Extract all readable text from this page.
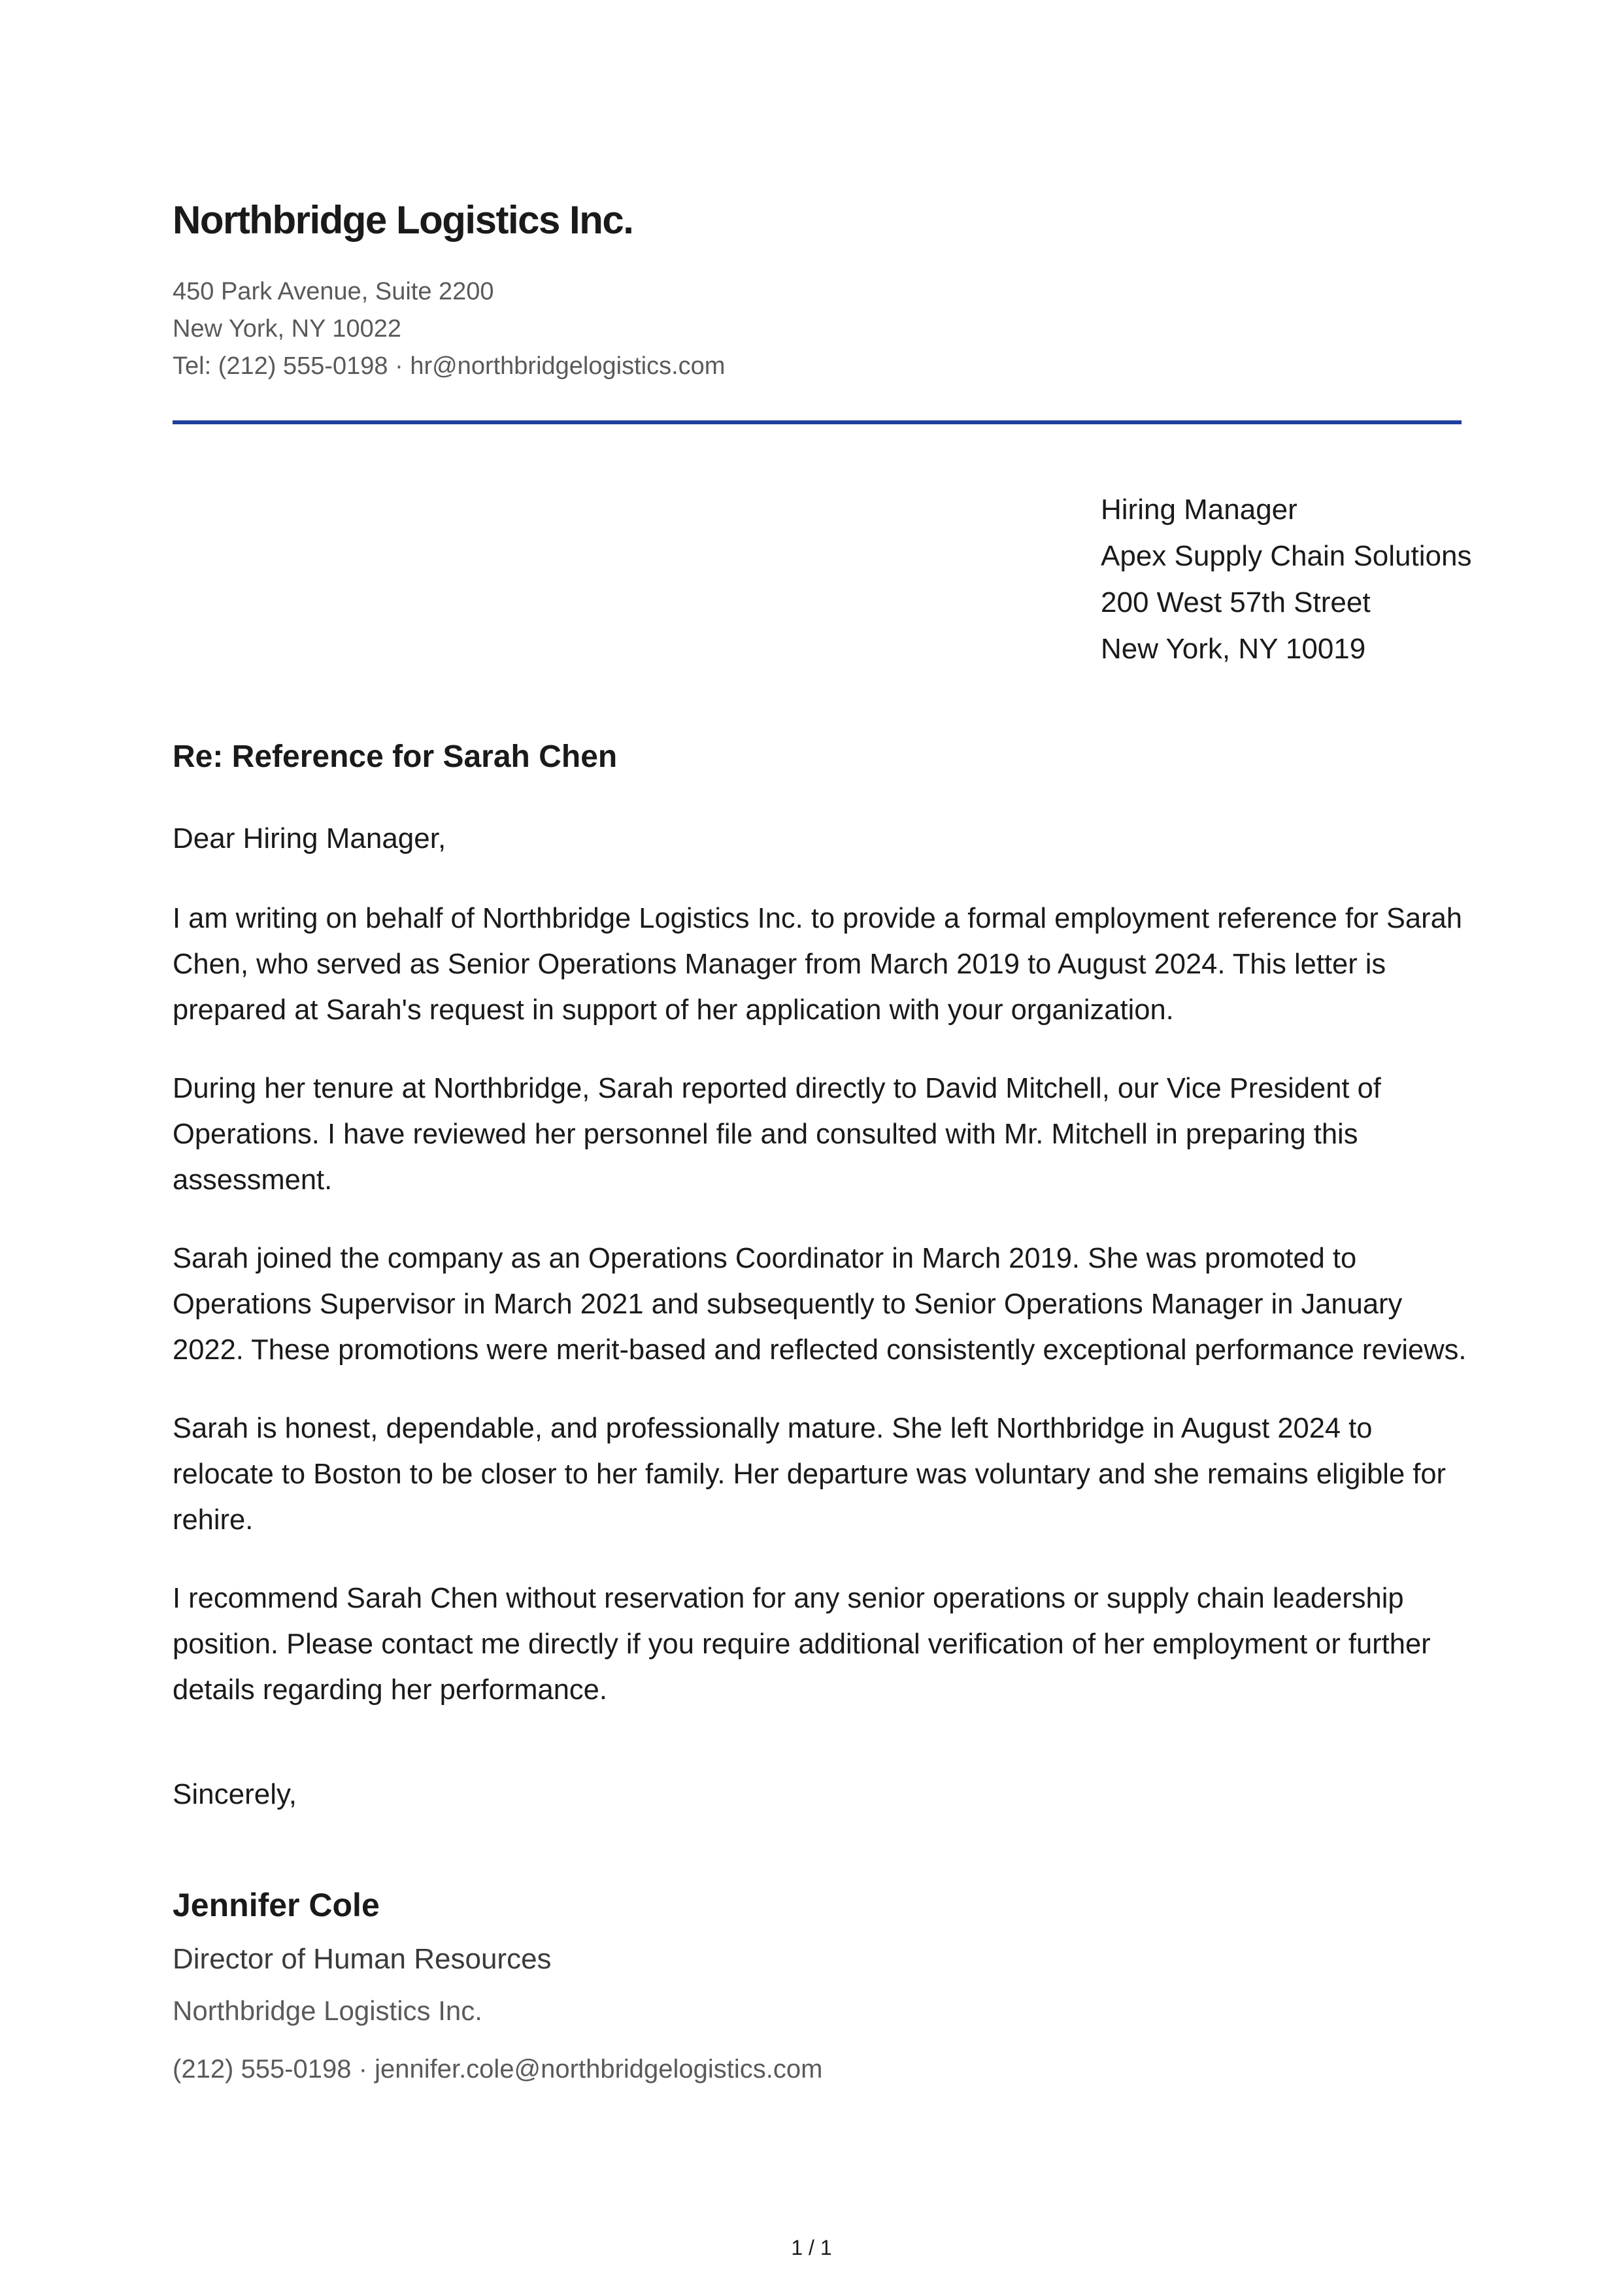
Northbridge Logistics Inc.
450 Park Avenue, Suite 2200
New York, NY 10022
Tel: (212) 555-0198 · hr@northbridgelogistics.com
Hiring Manager
Apex Supply Chain Solutions
200 West 57th Street
New York, NY 10019
Re: Reference for Sarah Chen
Dear Hiring Manager,

I am writing on behalf of Northbridge Logistics Inc. to provide a formal employment reference for Sarah Chen, who served as Senior Operations Manager from March 2019 to August 2024. This letter is prepared at Sarah's request in support of her application with your organization.

During her tenure at Northbridge, Sarah reported directly to David Mitchell, our Vice President of Operations. I have reviewed her personnel file and consulted with Mr. Mitchell in preparing this assessment.

Sarah joined the company as an Operations Coordinator in March 2019. She was promoted to Operations Supervisor in March 2021 and subsequently to Senior Operations Manager in January 2022. These promotions were merit-based and reflected consistently exceptional performance reviews.

Sarah is honest, dependable, and professionally mature. She left Northbridge in August 2024 to relocate to Boston to be closer to her family. Her departure was voluntary and she remains eligible for rehire.

I recommend Sarah Chen without reservation for any senior operations or supply chain leadership position. Please contact me directly if you require additional verification of her employment or further details regarding her performance.

Sincerely,
Jennifer Cole
Director of Human Resources
Northbridge Logistics Inc.
(212) 555-0198 · jennifer.cole@northbridgelogistics.com
1 / 1
